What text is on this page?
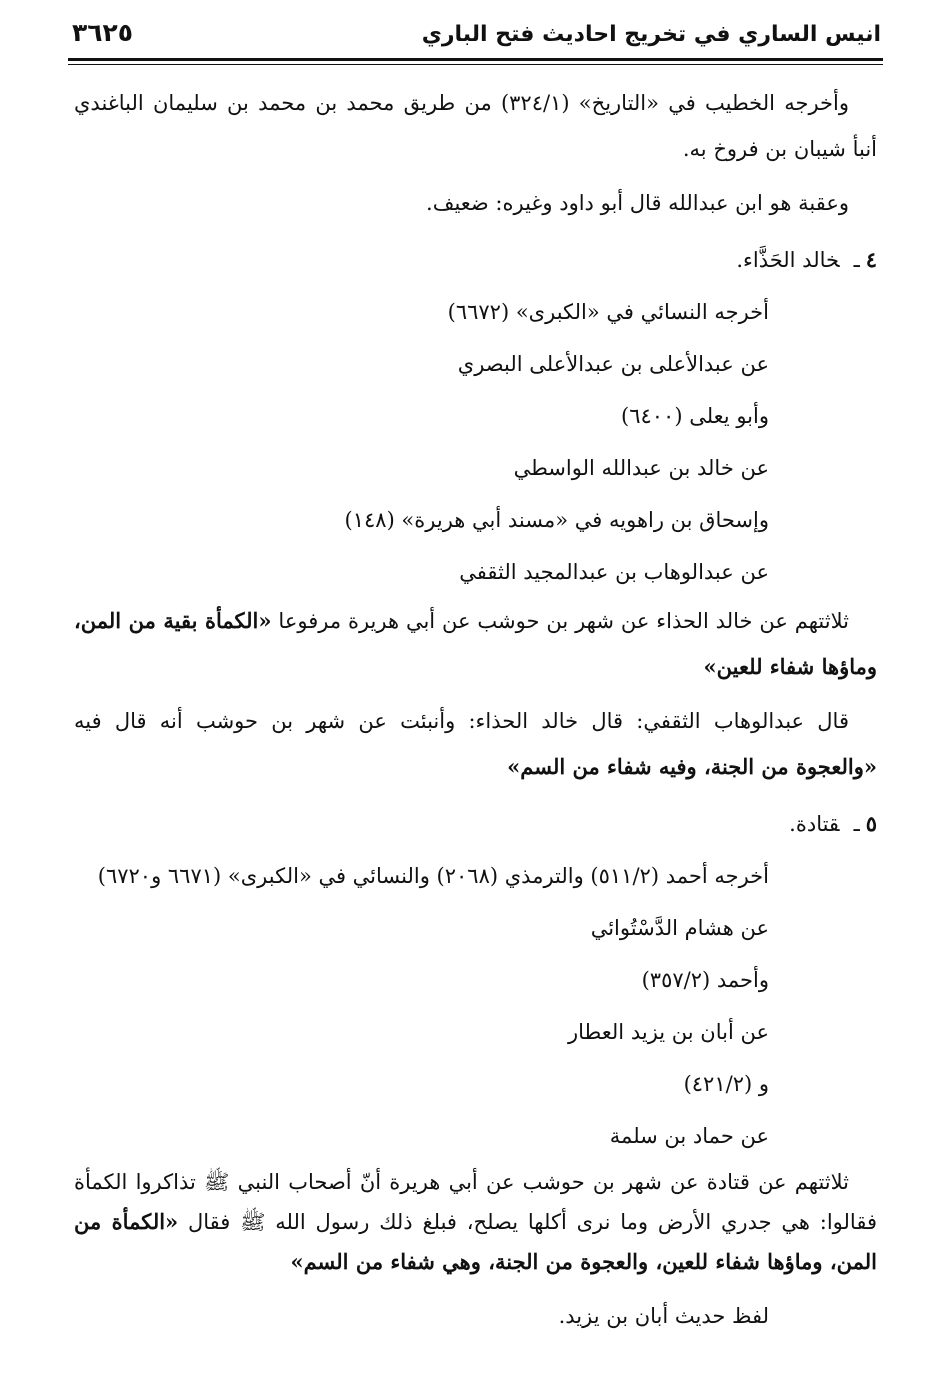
انيس الساري في تخريج احاديث فتح الباري
٣٦٢٥

وأخرجه الخطيب في «التاريخ» (٣٢٤/١) من طريق محمد بن محمد بن سليمان الباغندي أنبأ شيبان بن فروخ به.

وعقبة هو ابن عبدالله قال أبو داود وغيره: ضعيف.

٤ـخالد الحَذَّاء.

أخرجه النسائي في «الكبرى» (٦٦٧٢)

عن عبدالأعلى بن عبدالأعلى البصري

وأبو يعلى (٦٤٠٠)

عن خالد بن عبدالله الواسطي

وإسحاق بن راهويه في «مسند أبي هريرة» (١٤٨)

عن عبدالوهاب بن عبدالمجيد الثقفي

ثلاثتهم عن خالد الحذاء عن شهر بن حوشب عن أبي هريرة مرفوعا «الكمأة بقية من المن، وماؤها شفاء للعين»

قال عبدالوهاب الثقفي: قال خالد الحذاء: وأنبئت عن شهر بن حوشب أنه قال فيه «والعجوة من الجنة، وفيه شفاء من السم»

٥ـقتادة.

أخرجه أحمد (٥١١/٢) والترمذي (٢٠٦٨) والنسائي في «الكبرى» (٦٦٧١ و٦٧٢٠)

عن هشام الدَّسْتُوائي

وأحمد (٣٥٧/٢)

عن أبان بن يزيد العطار

و (٤٢١/٢)

عن حماد بن سلمة

ثلاثتهم عن قتادة عن شهر بن حوشب عن أبي هريرة أنّ أصحاب النبي ﷺ تذاكروا الكمأة فقالوا: هي جدري الأرض وما نرى أكلها يصلح، فبلغ ذلك رسول الله ﷺ فقال «الكمأة من المن، وماؤها شفاء للعين، والعجوة من الجنة، وهي شفاء من السم»

لفظ حديث أبان بن يزيد.
